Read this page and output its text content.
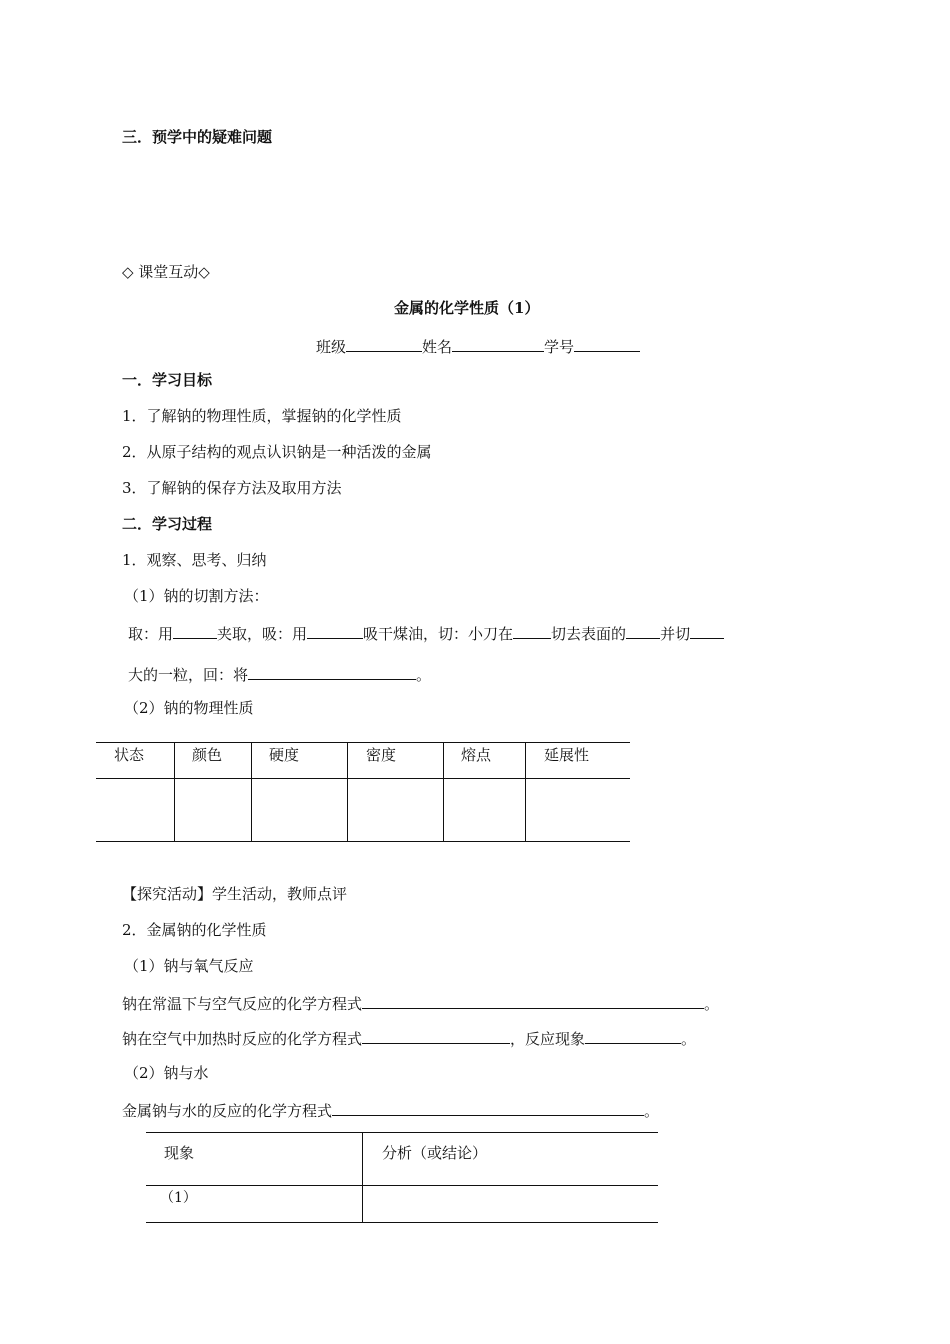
三．预学中的疑难问题
◇ 课堂互动◇
金属的化学性质（1）
班级	姓名	学号
一．学习目标
1．了解钠的物理性质，掌握钠的化学性质
2．从原子结构的观点认识钠是一种活泼的金属
3．了解钠的保存方法及取用方法
二．学习过程
1．观察、思考、归纳
（1）钠的切割方法：
取：用	夹取，吸：用	吸干煤油，切：小刀在	切去表面的 并切
大的一粒，回：将	。
（2）钠的物理性质
状态	颜色	硬度	密度	熔点	延展性
【探究活动】学生活动，教师点评
2．金属钠的化学性质
（1）钠与氧气反应
钠在常温下与空气反应的化学方程式	。
钠在空气中加热时反应的化学方程式	，反应现象	。
（2）钠与水
金属钠与水的反应的化学方程式	。
现象	分析（或结论）
（1）
